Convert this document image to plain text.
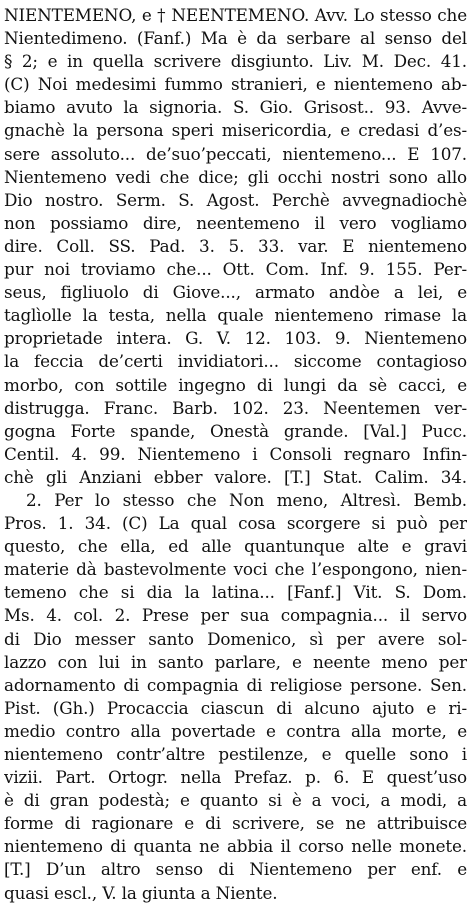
NIENTEMENO, e † NEENTEMENO. Avv. Lo stesso che
Nientedimeno. (Fanf.) Ma è da serbare al senso del
§ 2; e in quella scrivere disgiunto. Liv. M. Dec. 41.
(C) Noi medesimi fummo stranieri, e nientemeno ab-
biamo avuto la signoria. S. Gio. Grisost.. 93. Avve-
gnachè la persona speri misericordia, e credasi d’es-
sere assoluto... de’suo’peccati, nientemeno... E 107.
Nientemeno vedi che dice; gli occhi nostri sono allo
Dio nostro. Serm. S. Agost. Perchè avvegnadiochè
non possiamo dire, neentemeno il vero vogliamo
dire. Coll. SS. Pad. 3. 5. 33. var. E nientemeno
pur noi troviamo che... Ott. Com. Inf. 9. 155. Per-
seus, figliuolo di Giove..., armato andòe a lei, e
taglìolle la testa, nella quale nientemeno rimase la
proprietade intera. G. V. 12. 103. 9. Nientemeno
la feccia de’certi invidiatori... siccome contagioso
morbo, con sottile ingegno di lungi da sè cacci, e
distrugga. Franc. Barb. 102. 23. Neentemen ver-
gogna Forte spande, Onestà grande. [Val.] Pucc.
Centil. 4. 99. Nientemeno i Consoli regnaro Infin-
chè gli Anziani ebber valore. [T.] Stat. Calim. 34.
2. Per lo stesso che Non meno, Altresì. Bemb.
Pros. 1. 34. (C) La qual cosa scorgere si può per
questo, che ella, ed alle quantunque alte e gravi
materie dà bastevolmente voci che l’espongono, nien-
temeno che si dia la latina... [Fanf.] Vit. S. Dom.
Ms. 4. col. 2. Prese per sua compagnia... il servo
di Dio messer santo Domenico, sì per avere sol-
lazzo con lui in santo parlare, e neente meno per
adornamento di compagnia di religiose persone. Sen.
Pist. (Gh.) Procaccia ciascun di alcuno ajuto e ri-
medio contro alla povertade e contra alla morte, e
nientemeno contr’altre pestilenze, e quelle sono i
vizii. Part. Ortogr. nella Prefaz. p. 6. E quest’uso
è di gran podestà; e quanto si è a voci, a modi, a
forme di ragionare e di scrivere, se ne attribuisce
nientemeno di quanta ne abbia il corso nelle monete.
[T.] D’un altro senso di Nientemeno per enf. e
quasi escl., V. la giunta a Niente.
